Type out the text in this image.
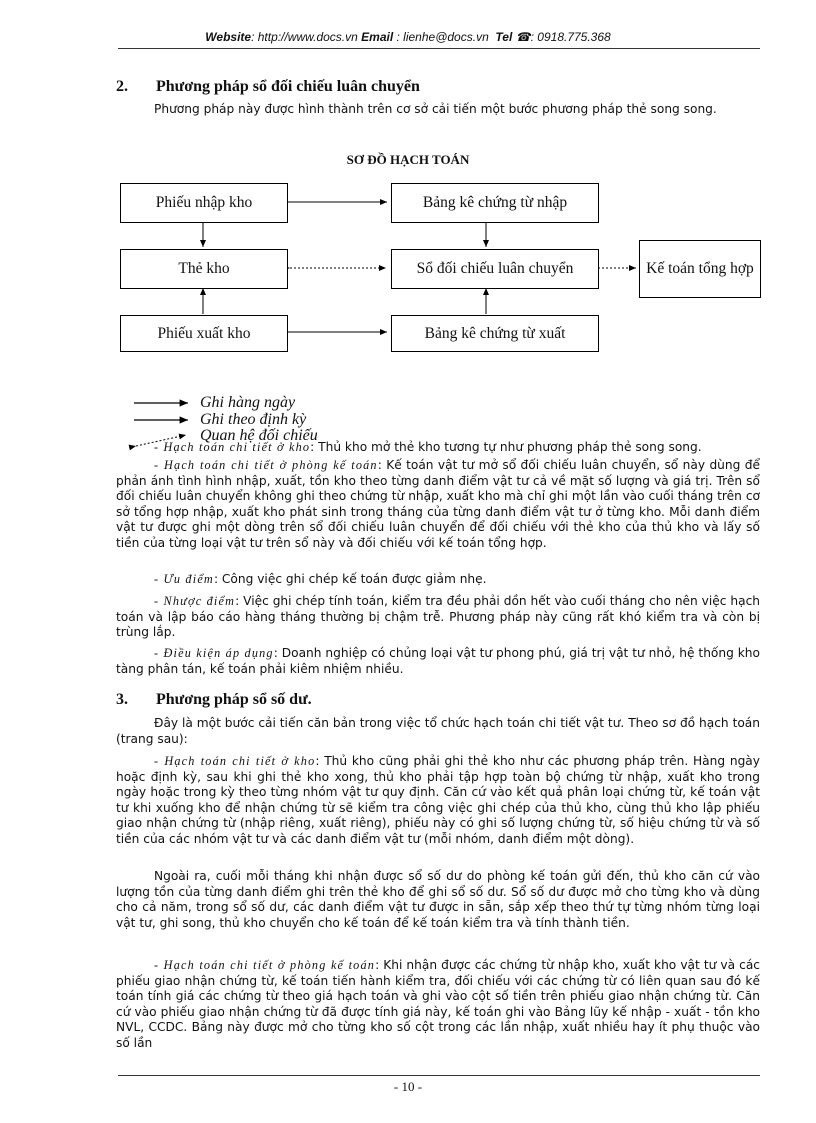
Website: http://www.docs.vn Email : lienhe@docs.vn Tel ☎: 0918.775.368
2. Phương pháp sổ đối chiếu luân chuyển
Phương pháp này được hình thành trên cơ sở cải tiến một bước phương pháp thẻ song song.
SƠ ĐỒ HẠCH TOÁN
Phiếu nhập kho	Bảng kê chứng từ nhập
Thẻ kho	Sổ đối chiếu luân chuyển	Kế toán tổng hợp
Phiếu xuất kho	Bảng kê chứng từ xuất
Ghi hàng ngày
Ghi theo định kỳ
Quan hệ đối chiếu
- Hạch toán chi tiết ở kho: Thủ kho mở thẻ kho tương tự như phương pháp thẻ song song.
- Hạch toán chi tiết ở phòng kế toán: Kế toán vật tư mở sổ đối chiếu luân chuyển, sổ này dùng để phản ánh tình hình nhập, xuất, tồn kho theo từng danh điểm vật tư cả về mặt số lượng và giá trị. Trên sổ đối chiếu luân chuyển không ghi theo chứng từ nhập, xuất kho mà chỉ ghi một lần vào cuối tháng trên cơ sở tổng hợp nhập, xuất kho phát sinh trong tháng của từng danh điểm vật tư ở từng kho. Mỗi danh điểm vật tư được ghi một dòng trên sổ đối chiếu luân chuyển để đối chiếu với thẻ kho của thủ kho và lấy số tiền của từng loại vật tư trên sổ này và đối chiếu với kế toán tổng hợp.
- Ưu điểm: Công việc ghi chép kế toán được giảm nhẹ.
- Nhược điểm: Việc ghi chép tính toán, kiểm tra đều phải dồn hết vào cuối tháng cho nên việc hạch toán và lập báo cáo hàng tháng thường bị chậm trễ. Phương pháp này cũng rất khó kiểm tra và còn bị trùng lắp.
- Điều kiện áp dụng: Doanh nghiệp có chủng loại vật tư phong phú, giá trị vật tư nhỏ, hệ thống kho tàng phân tán, kế toán phải kiêm nhiệm nhiều.
3. Phương pháp sổ số dư.
Đây là một bước cải tiến căn bản trong việc tổ chức hạch toán chi tiết vật tư. Theo sơ đồ hạch toán (trang sau):
- Hạch toán chi tiết ở kho: Thủ kho cũng phải ghi thẻ kho như các phương pháp trên. Hàng ngày hoặc định kỳ, sau khi ghi thẻ kho xong, thủ kho phải tập hợp toàn bộ chứng từ nhập, xuất kho trong ngày hoặc trong kỳ theo từng nhóm vật tư quy định. Căn cứ vào kết quả phân loại chứng từ, kế toán vật tư khi xuống kho để nhận chứng từ sẽ kiểm tra công việc ghi chép của thủ kho, cùng thủ kho lập phiếu giao nhận chứng từ (nhập riêng, xuất riêng), phiếu này có ghi số lượng chứng từ, số hiệu chứng từ và số tiền của các nhóm vật tư và các danh điểm vật tư (mỗi nhóm, danh điểm một dòng).
Ngoài ra, cuối mỗi tháng khi nhận được sổ số dư do phòng kế toán gửi đến, thủ kho căn cứ vào lượng tồn của từng danh điểm ghi trên thẻ kho để ghi sổ số dư. Sổ số dư được mở cho từng kho và dùng cho cả năm, trong sổ số dư, các danh điểm vật tư được in sẵn, sắp xếp theo thứ tự từng nhóm từng loại vật tư, ghi song, thủ kho chuyển cho kế toán để kế toán kiểm tra và tính thành tiền.
- Hạch toán chi tiết ở phòng kế toán: Khi nhận được các chứng từ nhập kho, xuất kho vật tư và các phiếu giao nhận chứng từ, kế toán tiến hành kiểm tra, đối chiếu với các chứng từ có liên quan sau đó kế toán tính giá các chứng từ theo giá hạch toán và ghi vào cột số tiền trên phiếu giao nhận chứng từ. Căn cứ vào phiếu giao nhận chứng từ đã được tính giá này, kế toán ghi vào Bảng lũy kế nhập - xuất - tồn kho NVL, CCDC. Bảng này được mở cho từng kho số cột trong các lần nhập, xuất nhiều hay ít phụ thuộc vào số lần
- 10 -
